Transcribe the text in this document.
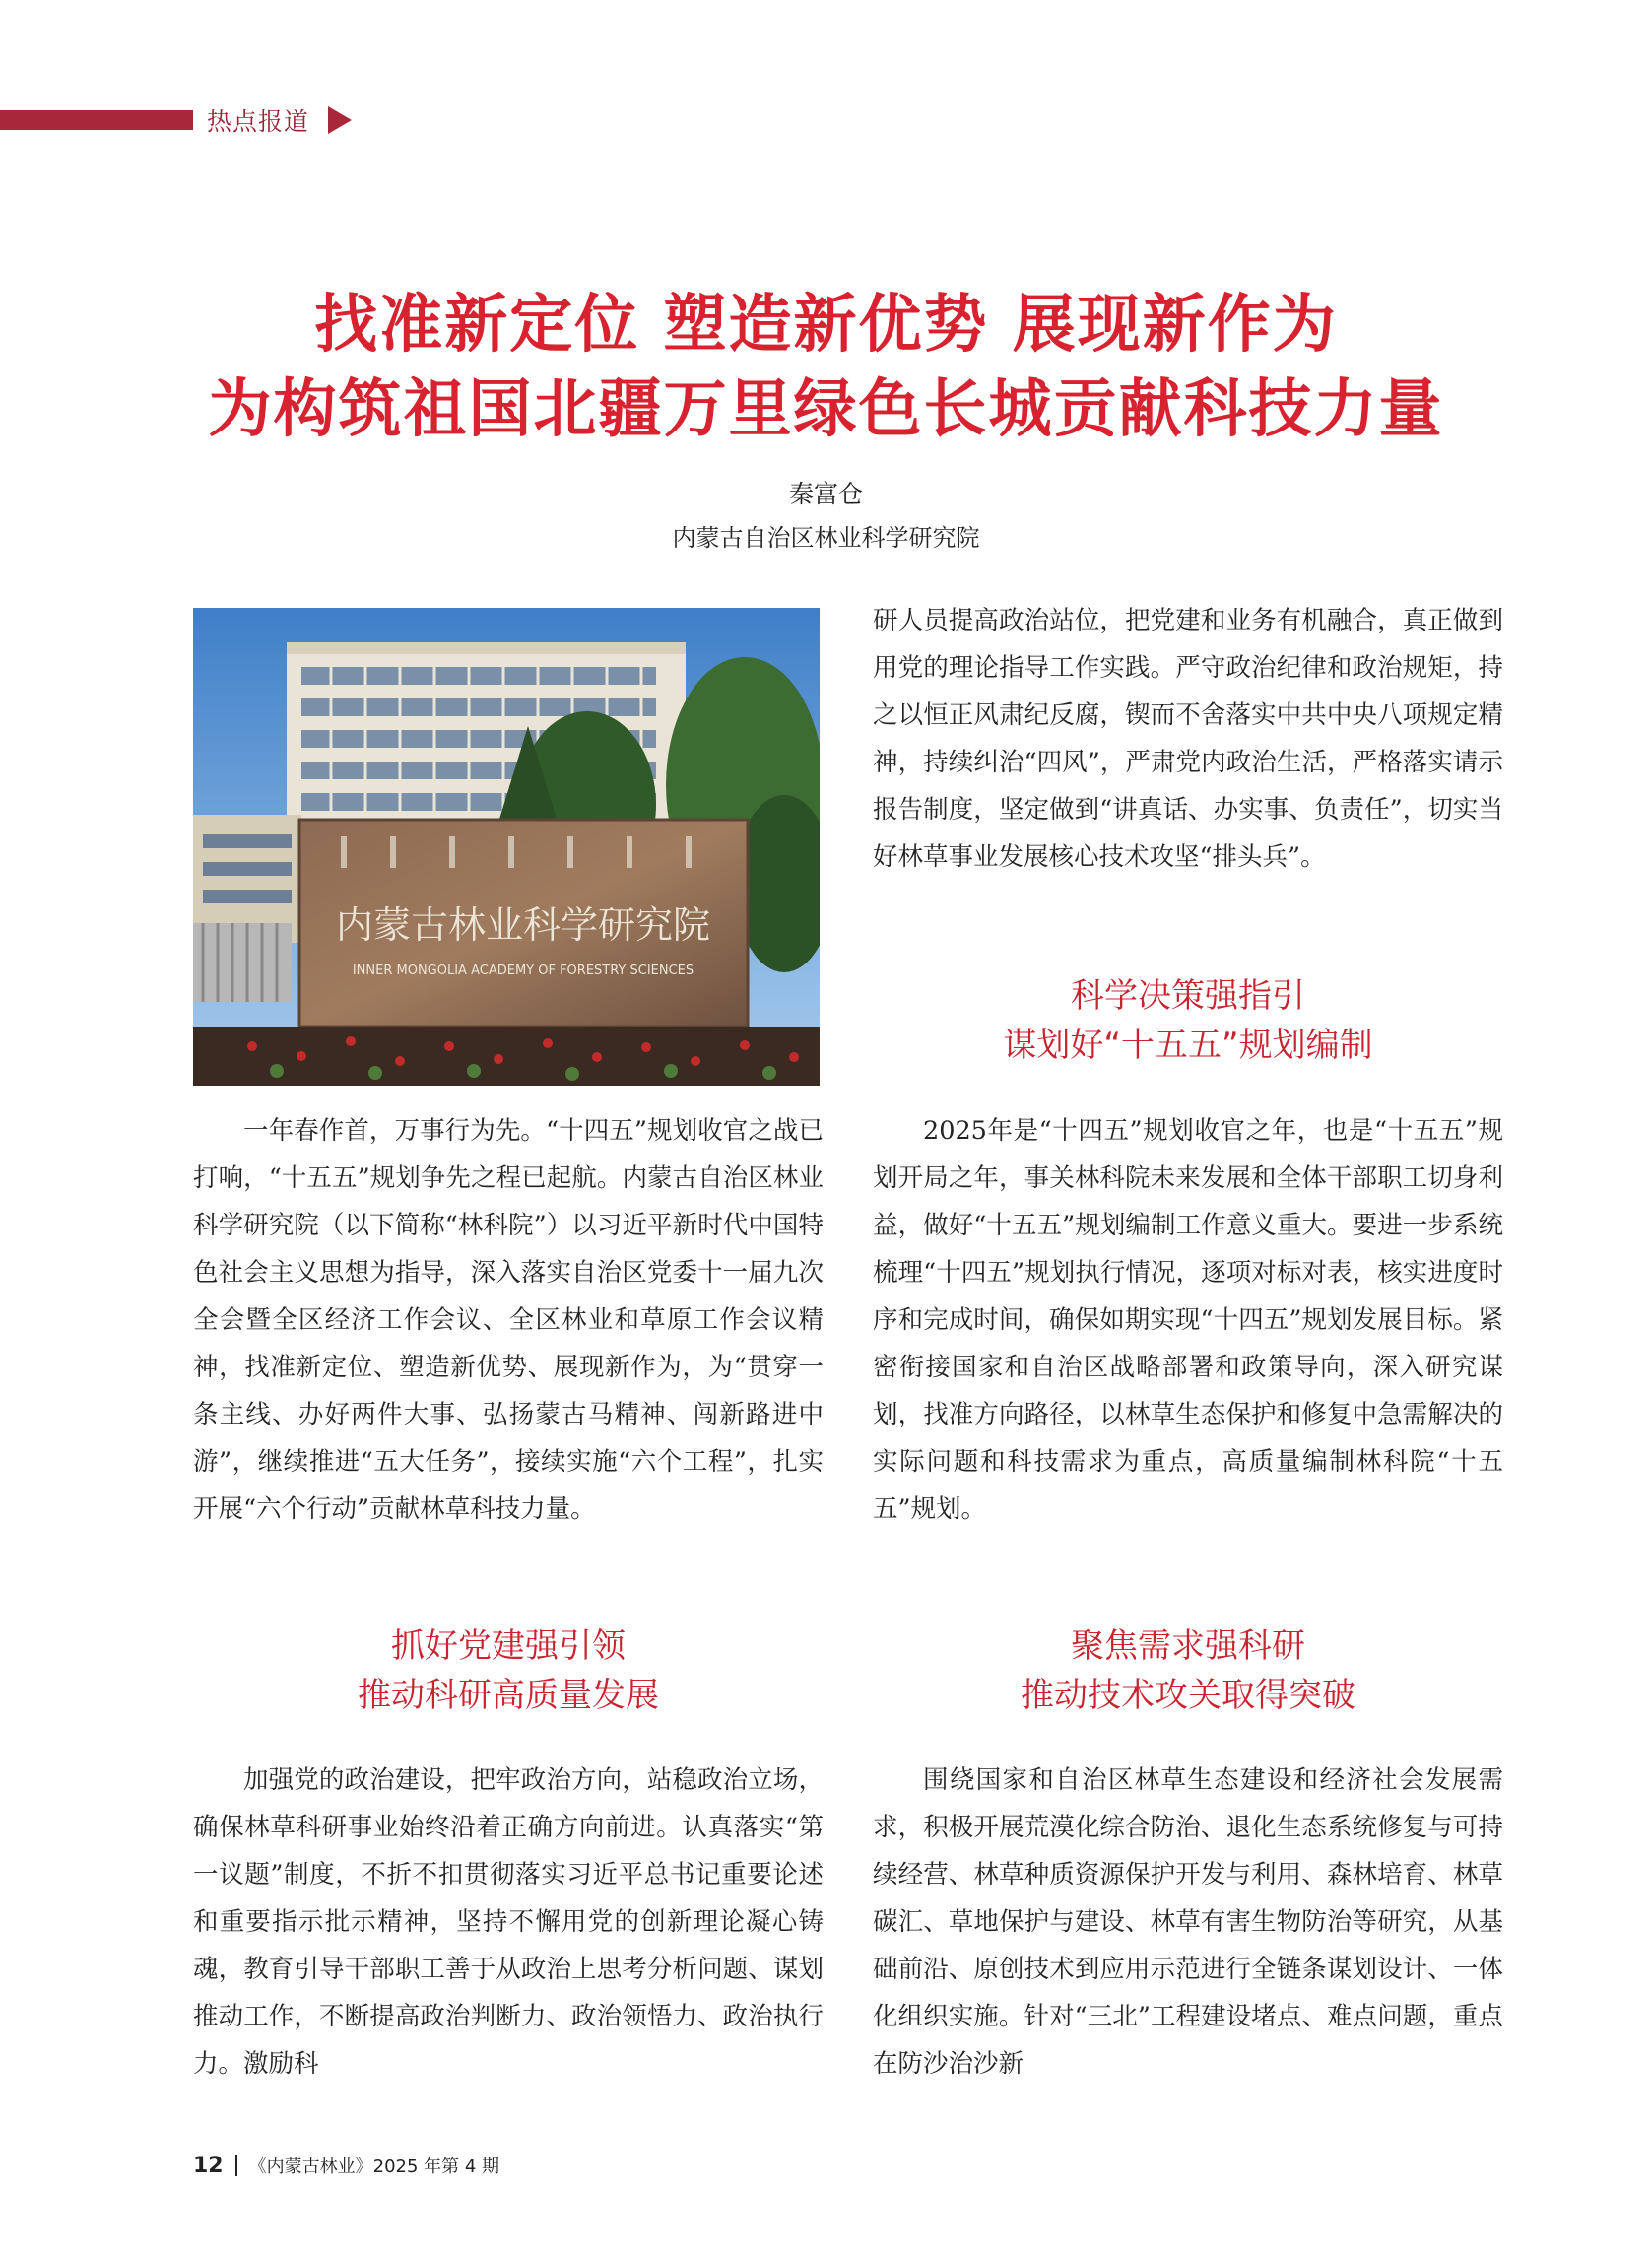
热点报道
找准新定位 塑造新优势 展现新作为
为构筑祖国北疆万里绿色长城贡献科技力量
秦富仓
内蒙古自治区林业科学研究院
内蒙古林业科学研究院
INNER MONGOLIA ACADEMY OF FORESTRY SCIENCES

一年春作首，万事行为先。“十四五”规划收官之战已打响，“十五五”规划争先之程已起航。内蒙古自治区林业科学研究院（以下简称“林科院”）以习近平新时代中国特色社会主义思想为指导，深入落实自治区党委十一届九次全会暨全区经济工作会议、全区林业和草原工作会议精神，找准新定位、塑造新优势、展现新作为，为“贯穿一条主线、办好两件大事、弘扬蒙古马精神、闯新路进中游”，继续推进“五大任务”，接续实施“六个工程”，扎实开展“六个行动”贡献林草科技力量。

抓好党建强引领
推动科研高质量发展

加强党的政治建设，把牢政治方向，站稳政治立场，确保林草科研事业始终沿着正确方向前进。认真落实“第一议题”制度，不折不扣贯彻落实习近平总书记重要论述和重要指示批示精神，坚持不懈用党的创新理论凝心铸魂，教育引导干部职工善于从政治上思考分析问题、谋划推动工作，不断提高政治判断力、政治领悟力、政治执行力。激励科

研人员提高政治站位，把党建和业务有机融合，真正做到用党的理论指导工作实践。严守政治纪律和政治规矩，持之以恒正风肃纪反腐，锲而不舍落实中共中央八项规定精神，持续纠治“四风”，严肃党内政治生活，严格落实请示报告制度，坚定做到“讲真话、办实事、负责任”，切实当好林草事业发展核心技术攻坚“排头兵”。

科学决策强指引
谋划好“十五五”规划编制

2025年是“十四五”规划收官之年，也是“十五五”规划开局之年，事关林科院未来发展和全体干部职工切身利益，做好“十五五”规划编制工作意义重大。要进一步系统梳理“十四五”规划执行情况，逐项对标对表，核实进度时序和完成时间，确保如期实现“十四五”规划发展目标。紧密衔接国家和自治区战略部署和政策导向，深入研究谋划，找准方向路径，以林草生态保护和修复中急需解决的实际问题和科技需求为重点，高质量编制林科院“十五五”规划。

聚焦需求强科研
推动技术攻关取得突破

围绕国家和自治区林草生态建设和经济社会发展需求，积极开展荒漠化综合防治、退化生态系统修复与可持续经营、林草种质资源保护开发与利用、森林培育、林草碳汇、草地保护与建设、林草有害生物防治等研究，从基础前沿、原创技术到应用示范进行全链条谋划设计、一体化组织实施。针对“三北”工程建设堵点、难点问题，重点在防沙治沙新

12 《内蒙古林业》2025 年第 4 期
